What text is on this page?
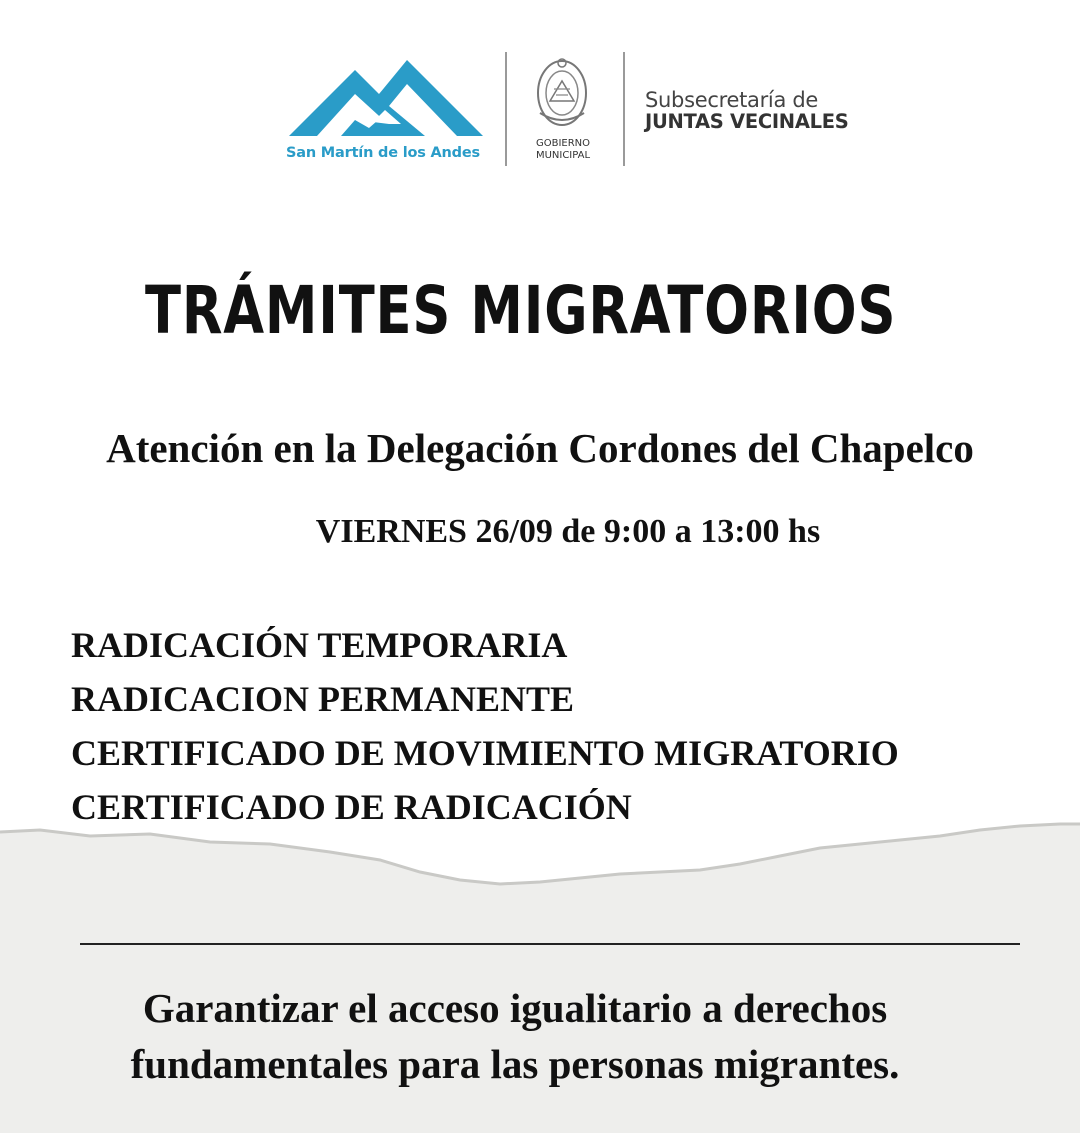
San Martín de los Andes
GOBIERNO
MUNICIPAL
Subsecretaría de
JUNTAS VECINALES
TRÁMITES MIGRATORIOS
Atención en la Delegación Cordones del Chapelco
VIERNES 26/09 de 9:00 a 13:00 hs
RADICACIÓN TEMPORARIA
RADICACION PERMANENTE
CERTIFICADO DE MOVIMIENTO MIGRATORIO
CERTIFICADO DE RADICACIÓN
Garantizar el acceso igualitario a derechos
fundamentales para las personas migrantes.
